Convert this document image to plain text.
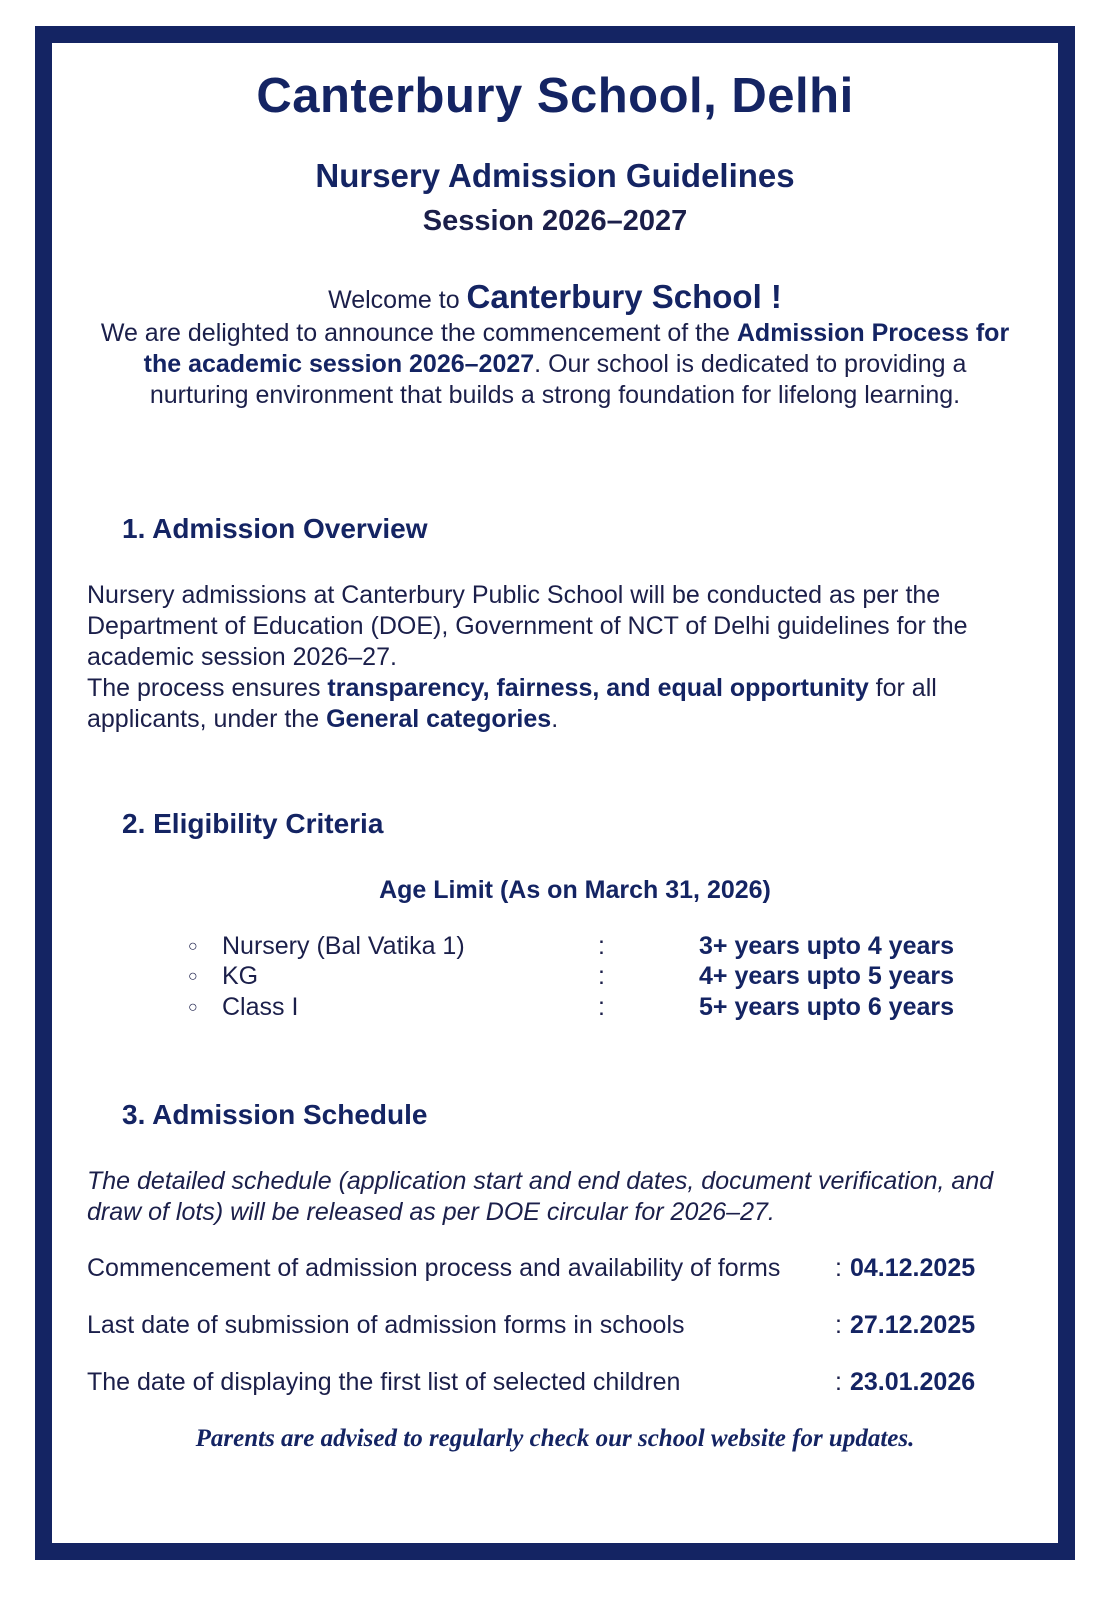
Canterbury School, Delhi
Nursery Admission Guidelines
Session 2026–2027
Welcome to Canterbury School !
We are delighted to announce the commencement of the Admission Process for the academic session 2026–2027. Our school is dedicated to providing a nurturing environment that builds a strong foundation for lifelong learning.
1. Admission Overview
Nursery admissions at Canterbury Public School will be conducted as per the Department of Education (DOE), Government of NCT of Delhi guidelines for the academic session 2026–27.
The process ensures transparency, fairness, and equal opportunity for all applicants, under the General categories.
2. Eligibility Criteria
Age Limit (As on March 31, 2026)
○ Nursery (Bal Vatika 1)	:	3+ years upto 4 years
○ KG	:	4+ years upto 5 years
○ Class I	:	5+ years upto 6 years
3. Admission Schedule
The detailed schedule (application start and end dates, document verification, and draw of lots) will be released as per DOE circular for 2026–27.
Commencement of admission process and availability of forms : 04.12.2025
Last date of submission of admission forms in schools	: 27.12.2025
The date of displaying the first list of selected children	: 23.01.2026
Parents are advised to regularly check our school website for updates.
